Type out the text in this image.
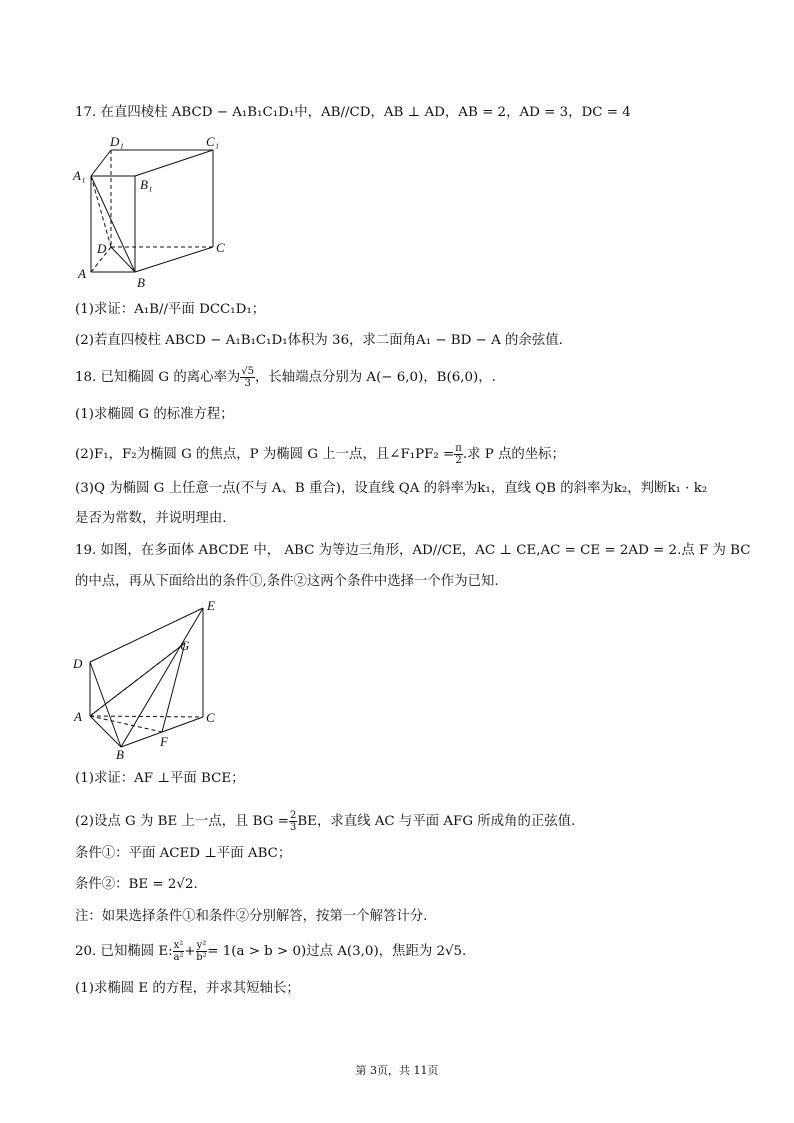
17. 在直四棱柱 ABCD − A₁B₁C₁D₁中，AB//CD，AB ⊥ AD，AB = 2，AD = 3，DC = 4
D₁	C₁
A₁
B₁
D	C
A
B
(1)求证：A₁B//平面 DCC₁D₁；
(2)若直四棱柱 ABCD − A₁B₁C₁D₁体积为 36，求二面角A₁ − BD − A 的余弦值.
18. 已知椭圆 G 的离心率为 $\frac{√5}{3}$ ，长轴端点分别为 A(− 6,0)，B(6,0)，.
(1)求椭圆 G 的标准方程；
(2)F₁，F₂为椭圆 G 的焦点，P 为椭圆 G 上一点，且∠F₁PF₂ = $\frac{\pi}{2}$ .求 P 点的坐标；
(3)Q 为椭圆 G 上任意一点(不与 A、B 重合)，设直线 QA 的斜率为k₁，直线 QB 的斜率为k₂，判断k₁ · k₂
是否为常数，并说明理由.
19. 如图，在多面体 ABCDE 中， ABC 为等边三角形，AD//CE，AC ⊥ CE,AC = CE = 2AD = 2.点 F 为 BC
的中点，再从下面给出的条件①,条件②这两个条件中选择一个作为已知.
E
G
D
A	C
F
B
(1)求证：AF ⊥平面 BCE；
(2)设点 G 为 BE 上一点，且 BG = $\frac{2}{3}$ BE，求直线 AC 与平面 AFG 所成角的正弦值.
条件①：平面 ACED ⊥平面 ABC；
条件②：BE = 2√2.
注：如果选择条件①和条件②分别解答，按第一个解答计分.
20. 已知椭圆 E: $\frac{\text{x²}}{\text{a²}} + \frac{\text{y²}}{\text{b²}} = 1(a > b > 0)$过点 A(3,0)，焦距为 2√5.
(1)求椭圆 E 的方程，并求其短轴长；
第 3页，共 11页
